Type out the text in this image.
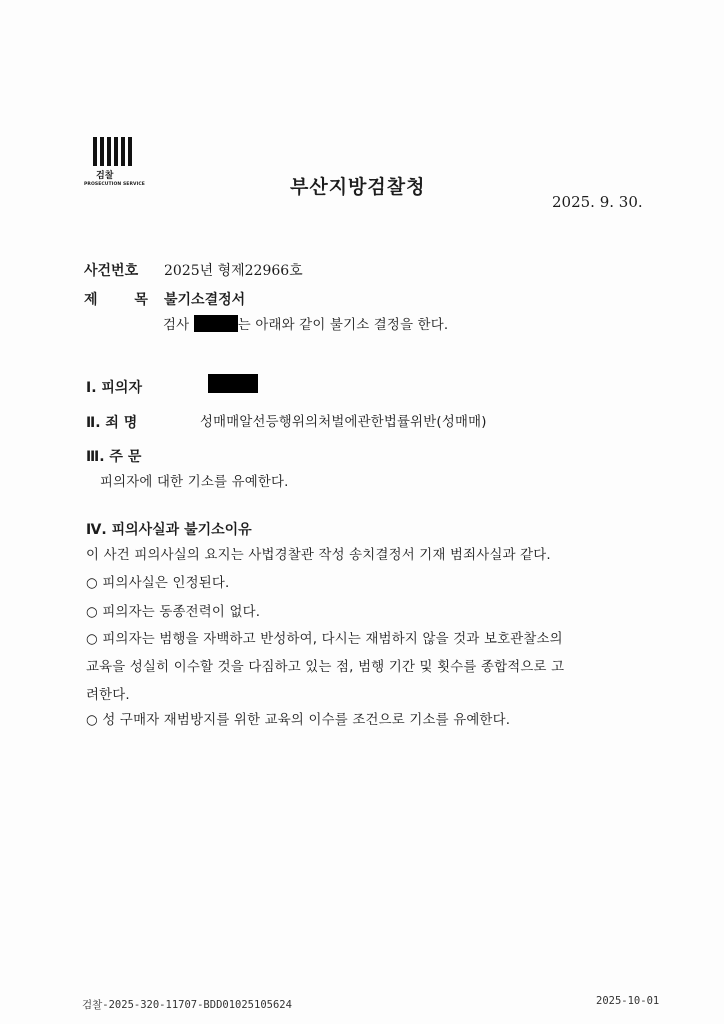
검찰
PROSECUTION SERVICE	부산지방검찰청
2025. 9. 30.
사건번호 2025년 형제22966호
제 목 불기소결정서
검사	는 아래와 같이 불기소 결정을 한다.
Ⅰ. 피의자
Ⅱ. 죄 명	성매매알선등행위의처벌에관한법률위반(성매매)
Ⅲ. 주 문
피의자에 대한 기소를 유예한다.
Ⅳ. 피의사실과 불기소이유
이 사건 피의사실의 요지는 사법경찰관 작성 송치결정서 기재 범죄사실과 같다.
○ 피의사실은 인정된다.
○ 피의자는 동종전력이 없다.
○ 피의자는 범행을 자백하고 반성하여, 다시는 재범하지 않을 것과 보호관찰소의
교육을 성실히 이수할 것을 다짐하고 있는 점, 범행 기간 및 횟수를 종합적으로 고
려한다.
○ 성 구매자 재범방지를 위한 교육의 이수를 조건으로 기소를 유예한다.
검찰-2025-320-11707-BDD01025105624	2025-10-01
